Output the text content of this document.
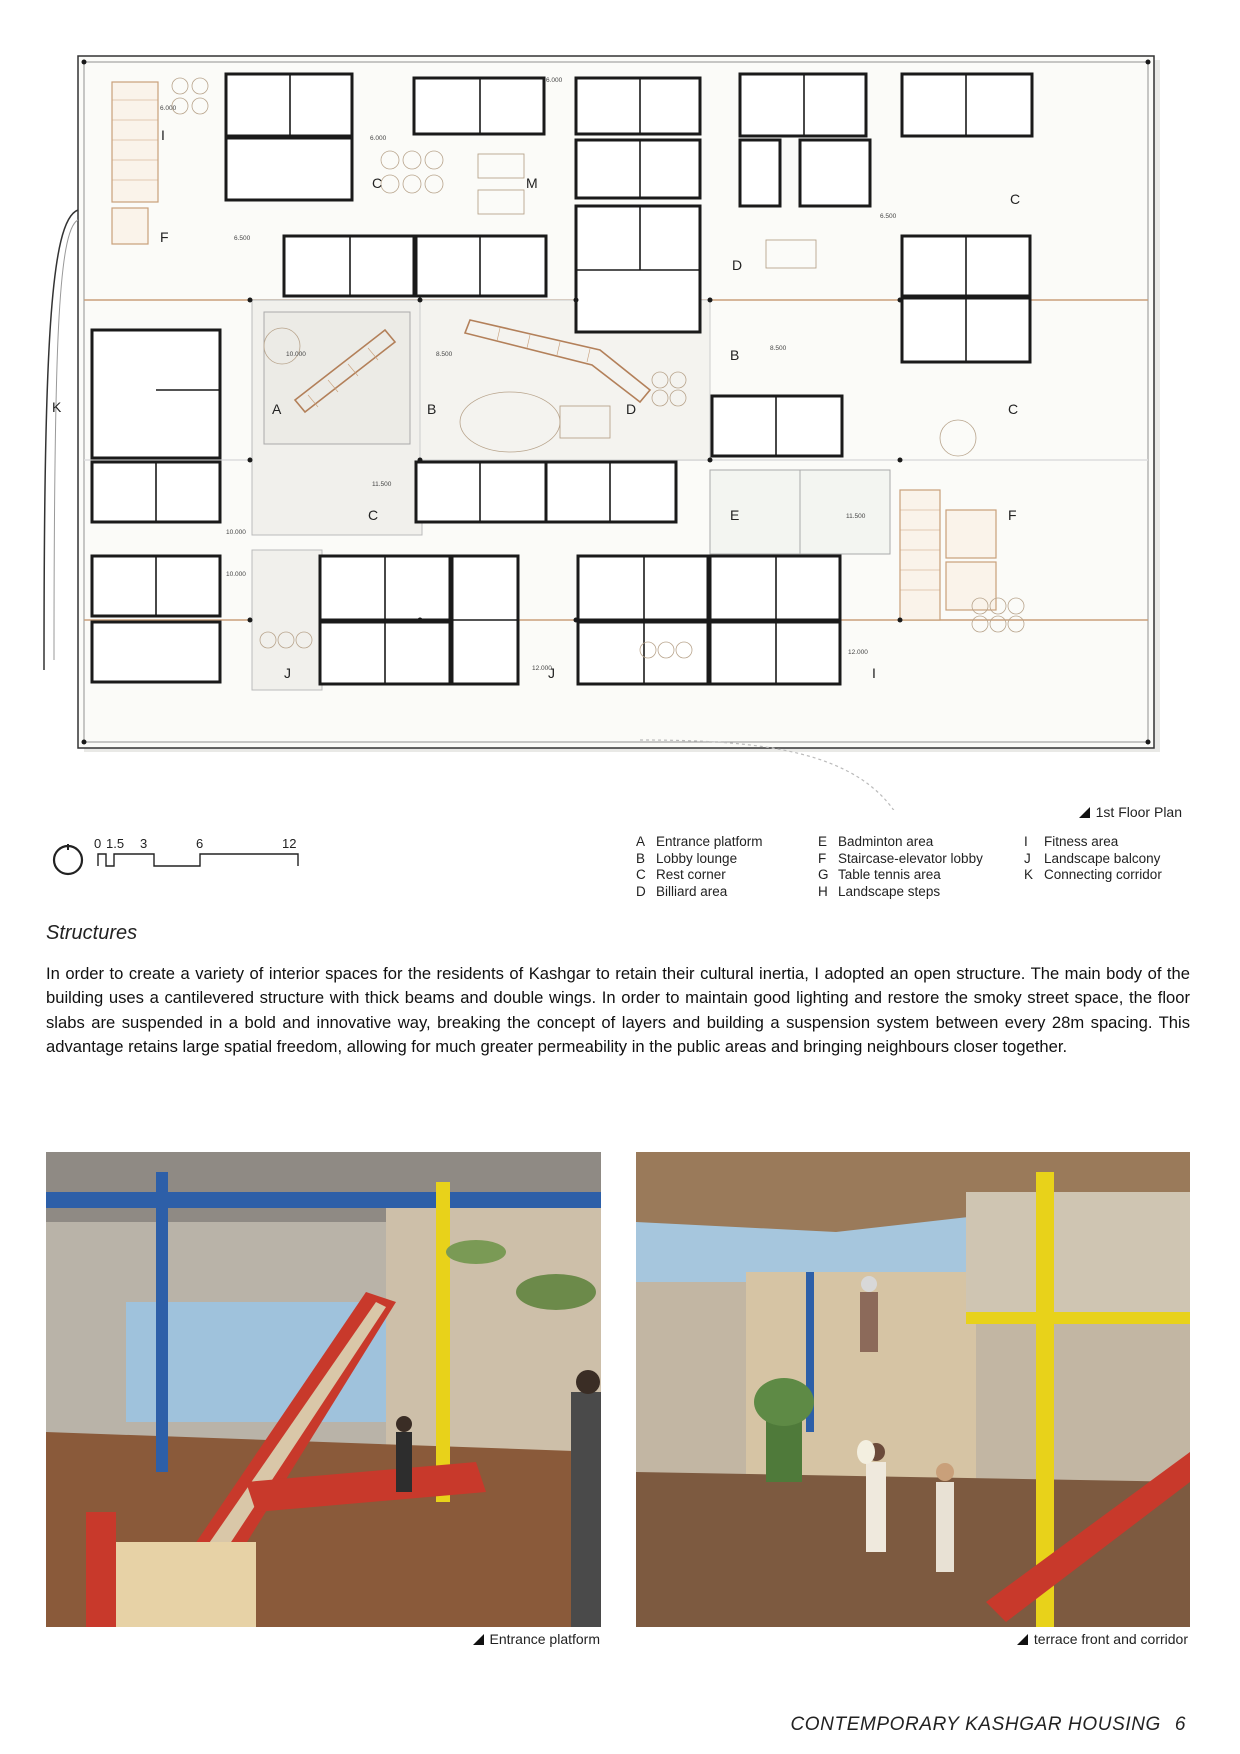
I
C	M
C
F
D
K	A	B	D
B
C
C
E	F
J	J	I
6.000
6.000
6.000
6.500
6.500
8.500
10.000
8.500
10.000
11.500
11.500
10.000
12.000
12.000
1st Floor Plan
0 1.5 3	6	12	A Entrance platform
B Lobby lounge
C Rest corner
D Billiard area
E Badminton area
F Staircase-elevator lobby
G Table tennis area
H Landscape steps
I	Fitness area
J Landscape balcony
K Connecting corridor
Structures
In order to create a variety of interior spaces for the residents of Kashgar to retain their cultural inertia, I adopted an open structure. The main body of the building uses a cantilevered structure with thick beams and double wings. In order to maintain good lighting and restore the smoky street space, the floor slabs are suspended in a bold and innovative way, breaking the concept of layers and building a suspension system between every 28m spacing. This advantage retains large spatial freedom, allowing for much greater permeability in the public areas and bringing neighbours closer together.
Entrance platform	terrace front and corridor
CONTEMPORARY KASHGAR HOUSING 6
